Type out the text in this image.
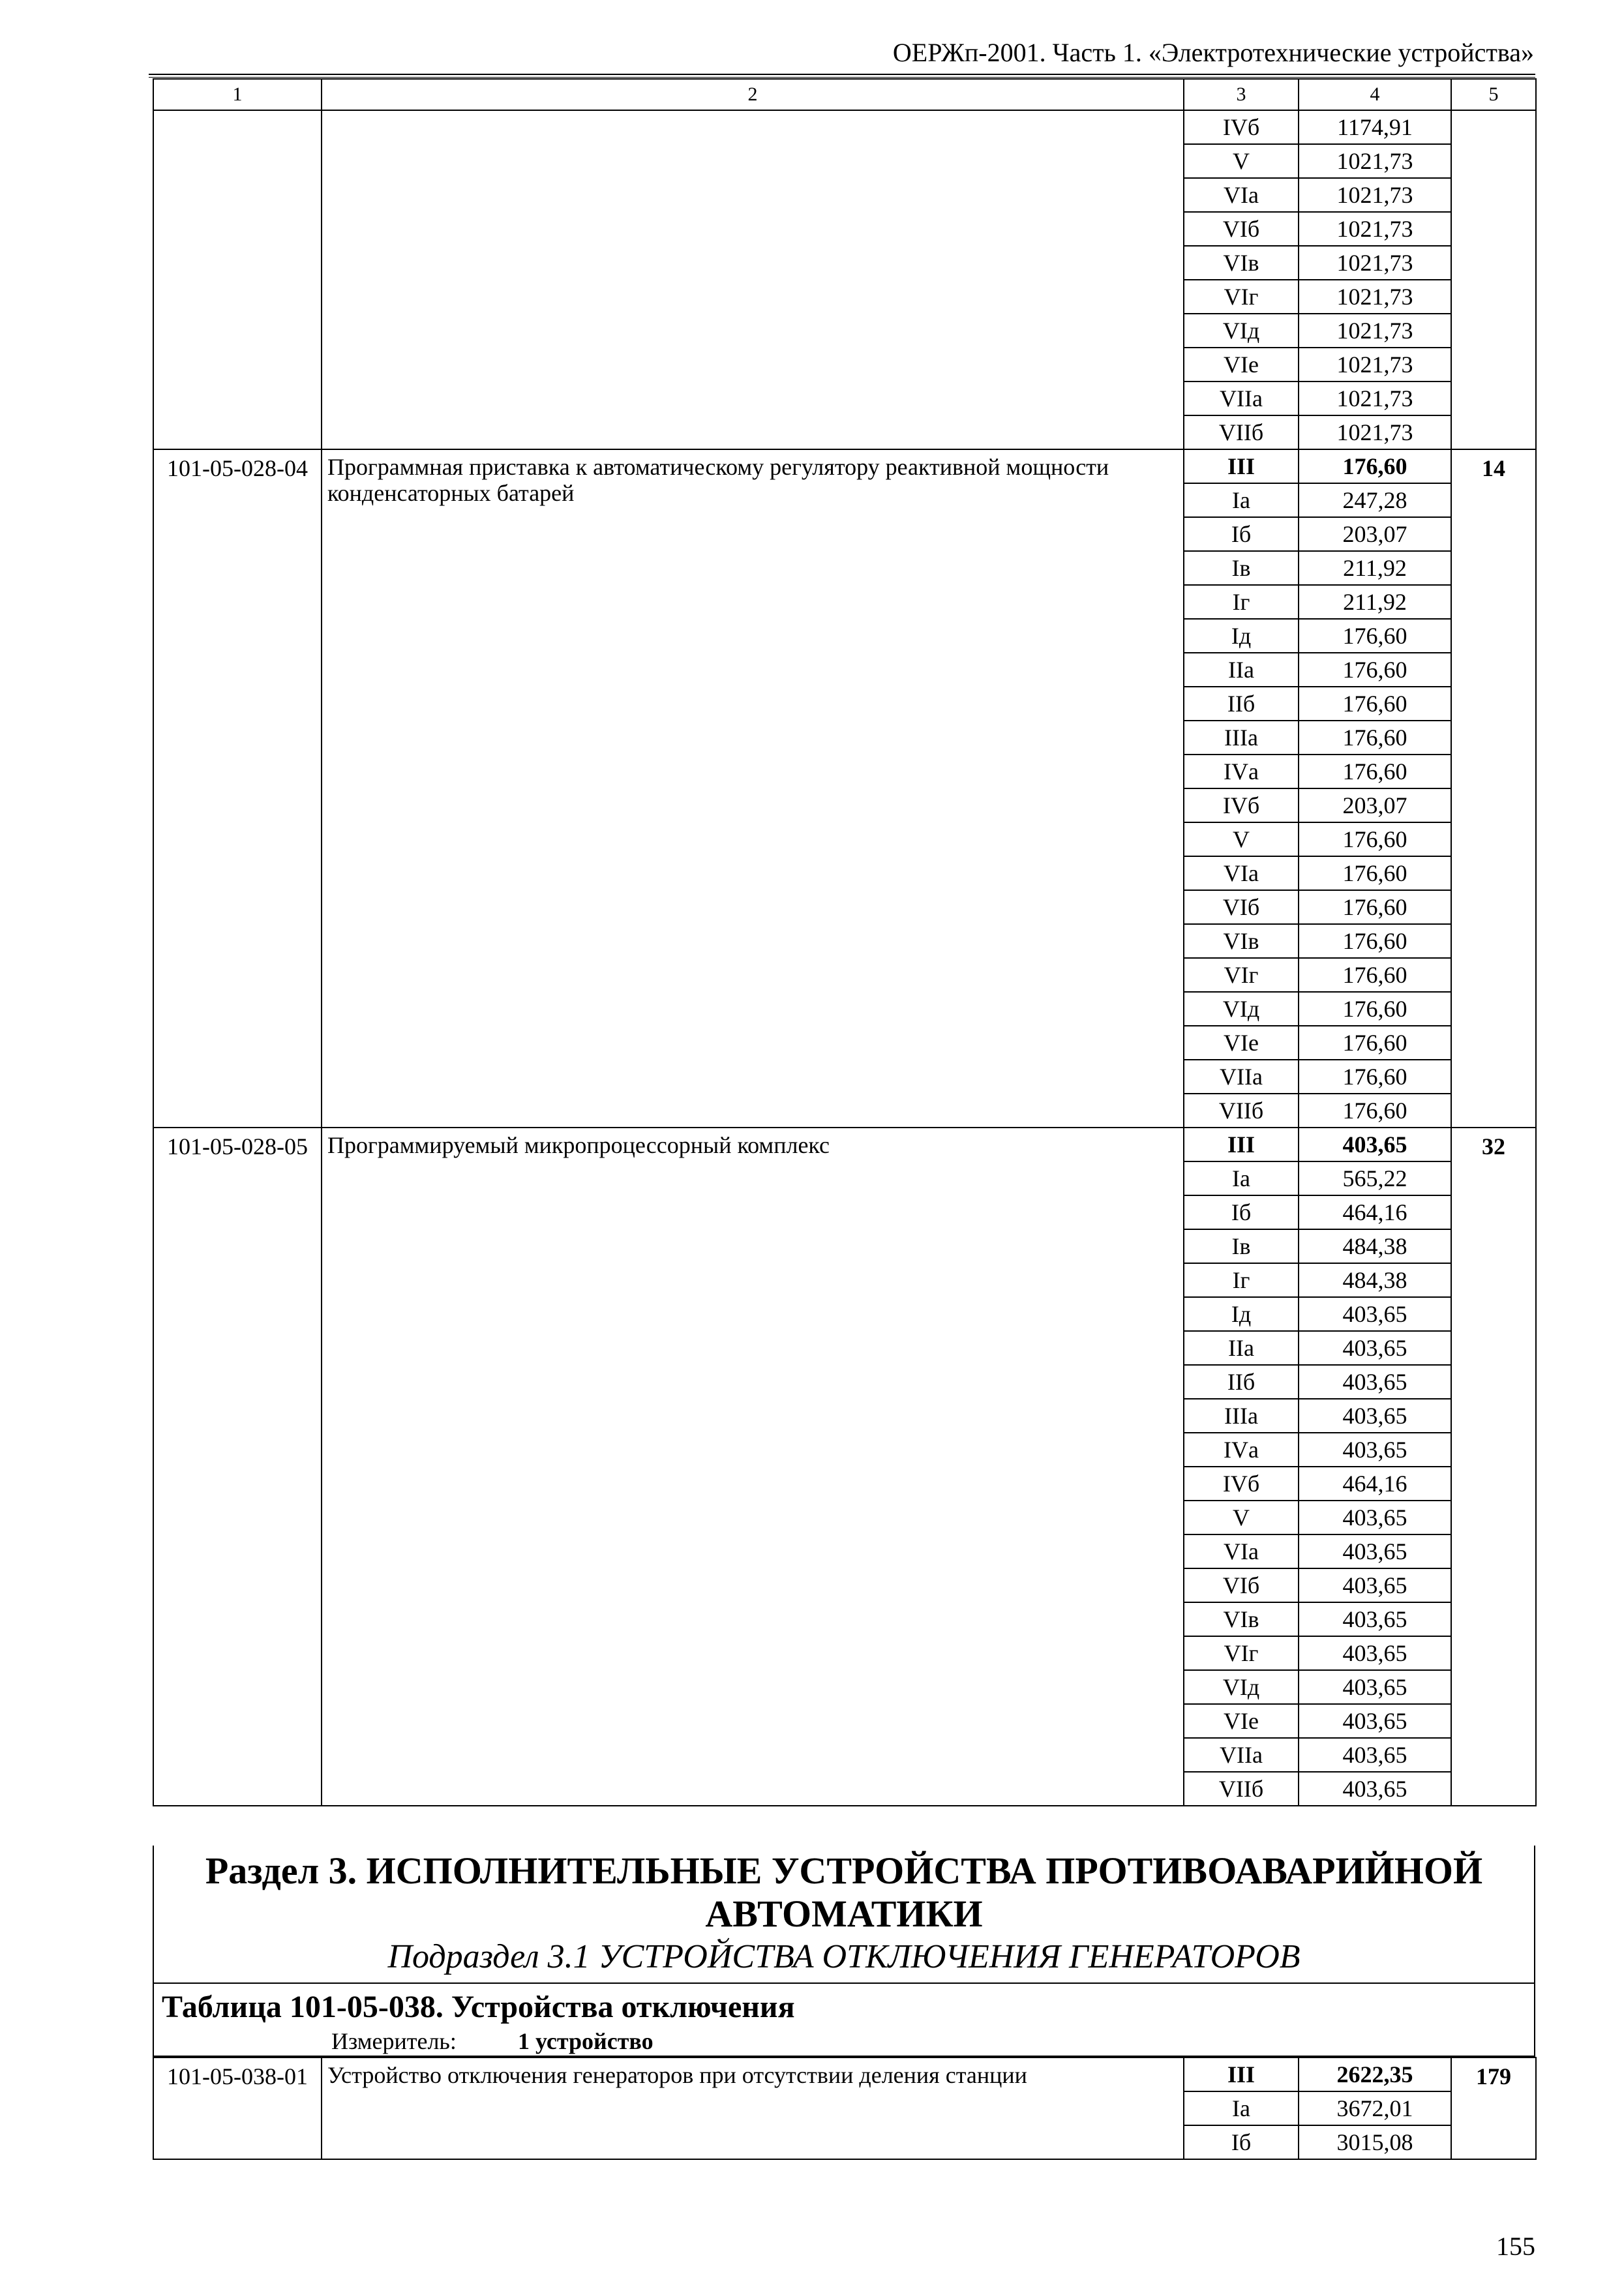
ОЕРЖп-2001. Часть 1. «Электротехнические устройства»
1	2	3	4	5
		IVб	1174,91	
		V	1021,73	
		VIа	1021,73	
		VIб	1021,73	
		VIв	1021,73	
		VIг	1021,73	
		VIд	1021,73	
		VIе	1021,73	
		VIIа	1021,73	
		VIIб	1021,73	
101-05-028-04	Программная приставка к автоматическому регулятору реактивной мощности конденсаторных батарей	III	176,60	14
		Iа	247,28	
		Iб	203,07	
		Iв	211,92	
		Iг	211,92	
		Iд	176,60	
		IIа	176,60	
		IIб	176,60	
		IIIа	176,60	
		IVа	176,60	
		IVб	203,07	
		V	176,60	
		VIа	176,60	
		VIб	176,60	
		VIв	176,60	
		VIг	176,60	
		VIд	176,60	
		VIе	176,60	
		VIIа	176,60	
		VIIб	176,60	
101-05-028-05	Программируемый микропроцессорный комплекс	III	403,65	32
		Iа	565,22	
		Iб	464,16	
		Iв	484,38	
		Iг	484,38	
		Iд	403,65	
		IIа	403,65	
		IIб	403,65	
		IIIа	403,65	
		IVа	403,65	
		IVб	464,16	
		V	403,65	
		VIа	403,65	
		VIб	403,65	
		VIв	403,65	
		VIг	403,65	
		VIд	403,65	
		VIе	403,65	
		VIIа	403,65	
		VIIб	403,65	
Раздел 3. ИСПОЛНИТЕЛЬНЫЕ УСТРОЙСТВА ПРОТИВОАВАРИЙНОЙ АВТОМАТИКИ
Подраздел 3.1 УСТРОЙСТВА ОТКЛЮЧЕНИЯ ГЕНЕРАТОРОВ
Таблица 101-05-038. Устройства отключения
Измеритель:	1 устройство
101-05-038-01	Устройство отключения генераторов при отсутствии деления станции	III	2622,35	179
		Iа	3672,01	
		Iб	3015,08	
155
